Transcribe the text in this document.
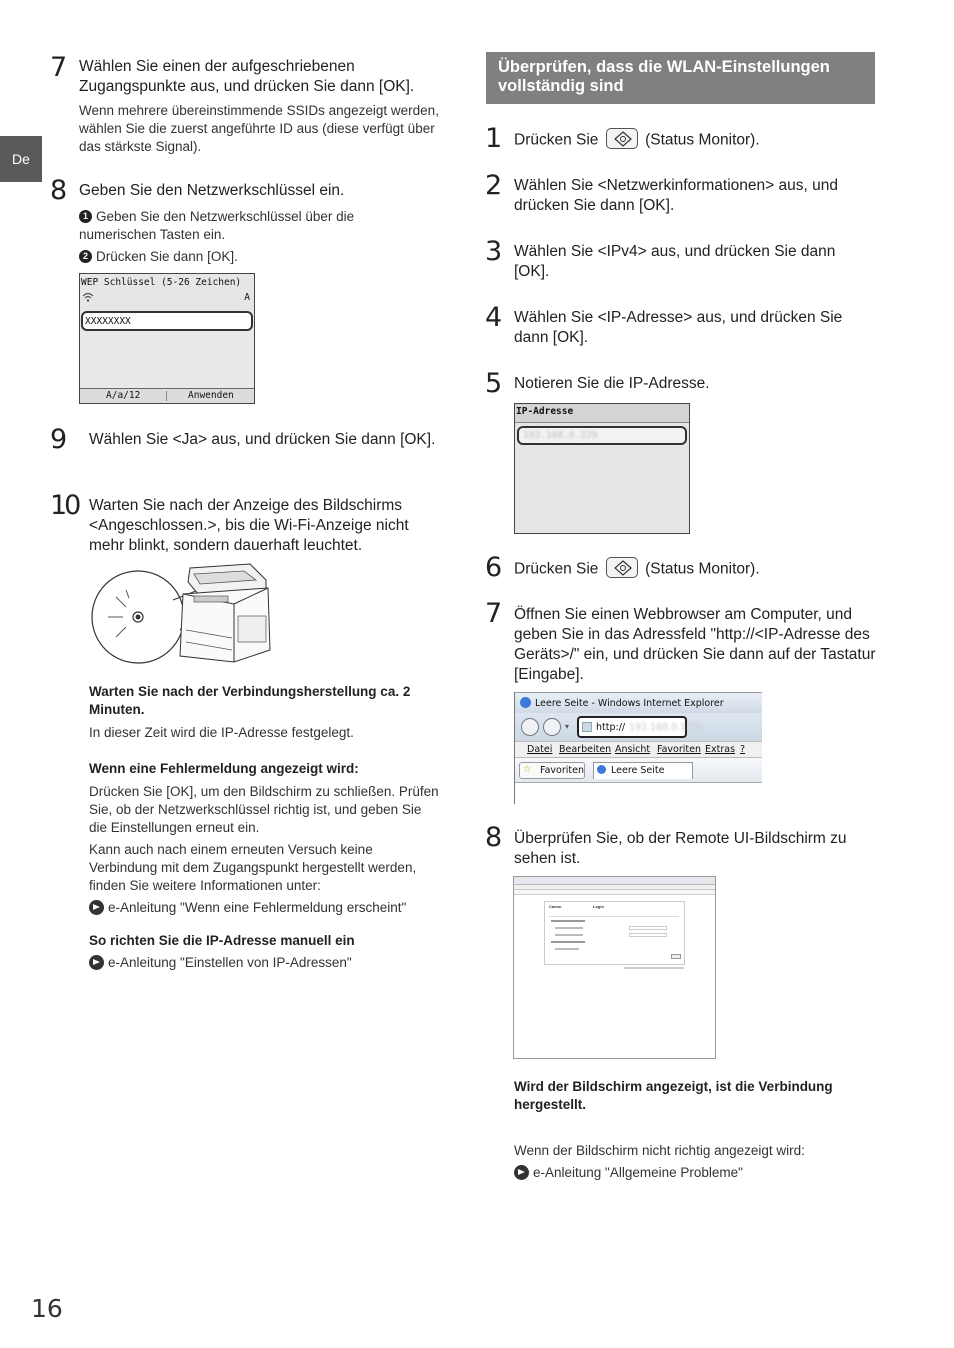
De
7 Wählen Sie einen der aufgeschriebenen Zugangspunkte aus, und drücken Sie dann [OK].
Wenn mehrere übereinstimmende SSIDs angezeigt werden, wählen Sie die zuerst angeführte ID aus (diese verfügt über das stärkste Signal).
8 Geben Sie den Netzwerkschlüssel ein.
1 Geben Sie den Netzwerkschlüssel über die numerischen Tasten ein.
2 Drücken Sie dann [OK].
WEP Schlüssel (5-26 Zeichen)
A
XXXXXXXX
A/a/12	Anwenden
9 Wählen Sie <Ja> aus, und drücken Sie dann [OK].
10 Warten Sie nach der Anzeige des Bildschirms <Angeschlossen.>, bis die Wi-Fi-Anzeige nicht mehr blinkt, sondern dauerhaft leuchtet.
Warten Sie nach der Verbindungsherstellung ca. 2 Minuten.
In dieser Zeit wird die IP-Adresse festgelegt.
Wenn eine Fehlermeldung angezeigt wird:
Drücken Sie [OK], um den Bildschirm zu schließen. Prüfen Sie, ob der Netzwerkschlüssel richtig ist, und geben Sie die Einstellungen erneut ein.
Kann auch nach einem erneuten Versuch keine Verbindung mit dem Zugangspunkt hergestellt werden, finden Sie weitere Informationen unter:
e-Anleitung "Wenn eine Fehlermeldung erscheint"
So richten Sie die IP-Adresse manuell ein
e-Anleitung "Einstellen von IP-Adressen"
Überprüfen, dass die WLAN-Einstellungen vollständig sind
1 Drücken Sie	(Status Monitor).
2 Wählen Sie <Netzwerkinformationen> aus, und drücken Sie dann [OK].
3 Wählen Sie <IPv4> aus, und drücken Sie dann [OK].
4 Wählen Sie <IP-Adresse> aus, und drücken Sie dann [OK].
5 Notieren Sie die IP-Adresse.
IP-Adresse
192.168.0.229
6 Drücken Sie	(Status Monitor).
7 Öffnen Sie einen Webbrowser am Computer, und geben Sie in das Adressfeld "http://<IP-Adresse des Geräts>/" ein, und drücken Sie dann auf der Tastatur [Eingabe].
Leere Seite - Windows Internet Explorer
▾	http:// 192.168.0.172/
Datei Bearbeiten Ansicht Favoriten Extras ?
☆ Favoriten	Leere Seite
8 Überprüfen Sie, ob der Remote UI-Bildschirm zu sehen ist.
Canon	Login
Wird der Bildschirm angezeigt, ist die Verbindung hergestellt.
Wenn der Bildschirm nicht richtig angezeigt wird:
e-Anleitung "Allgemeine Probleme"
16
